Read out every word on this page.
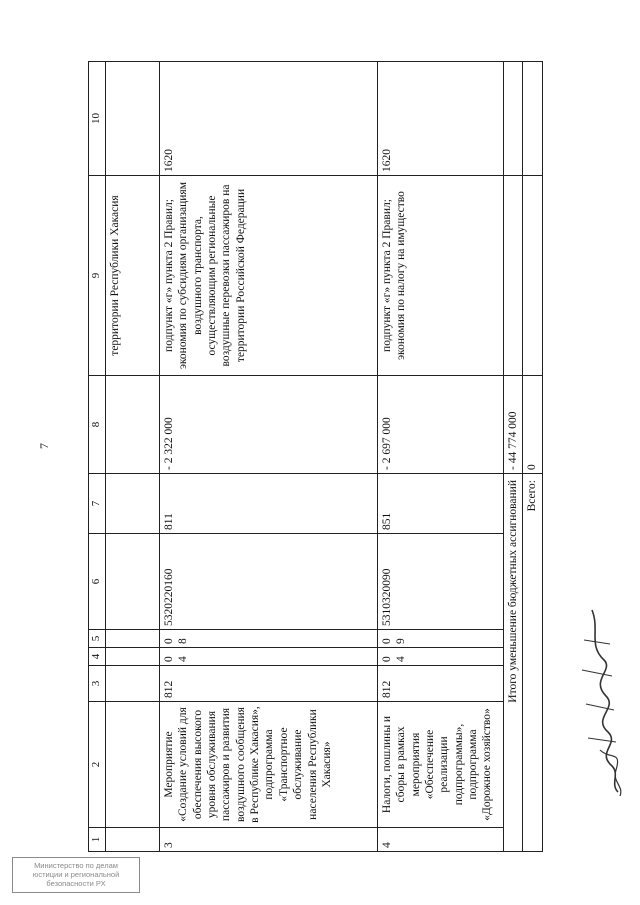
7
1	2	3	4	5	6	7	8	9	10
								территории Республики Хакасия	
3	Мероприятие «Создание условий для обеспечения высокого уровня обслуживания пассажиров и развития воздушного сообщения в Республике Хакасия», подпрограмма «Транспортное обслуживание населения Республики Хакасия»	812	04	08	5320220160	811	- 2 322 000	подпункт «г» пункта 2 Правил; экономия по субсидиям организациям воздушного транспорта, осуществляющим региональные воздушные перевозки пассажиров на территории Российской Федерации	1620
4	Налоги, пошлины и сборы в рамках мероприятия «Обеспечение реализации подпрограммы», подпрограмма «Дорожное хозяйство»	812	04	09	5310320090	851	- 2 697 000	подпункт «г» пункта 2 Правил; экономия по налогу на имущество	1620
Итого уменьшение бюджетных ассигнований							- 44 774 000		
Всего:							0		
Министерство по делам
юстиции и региональной
безопасности РХ
